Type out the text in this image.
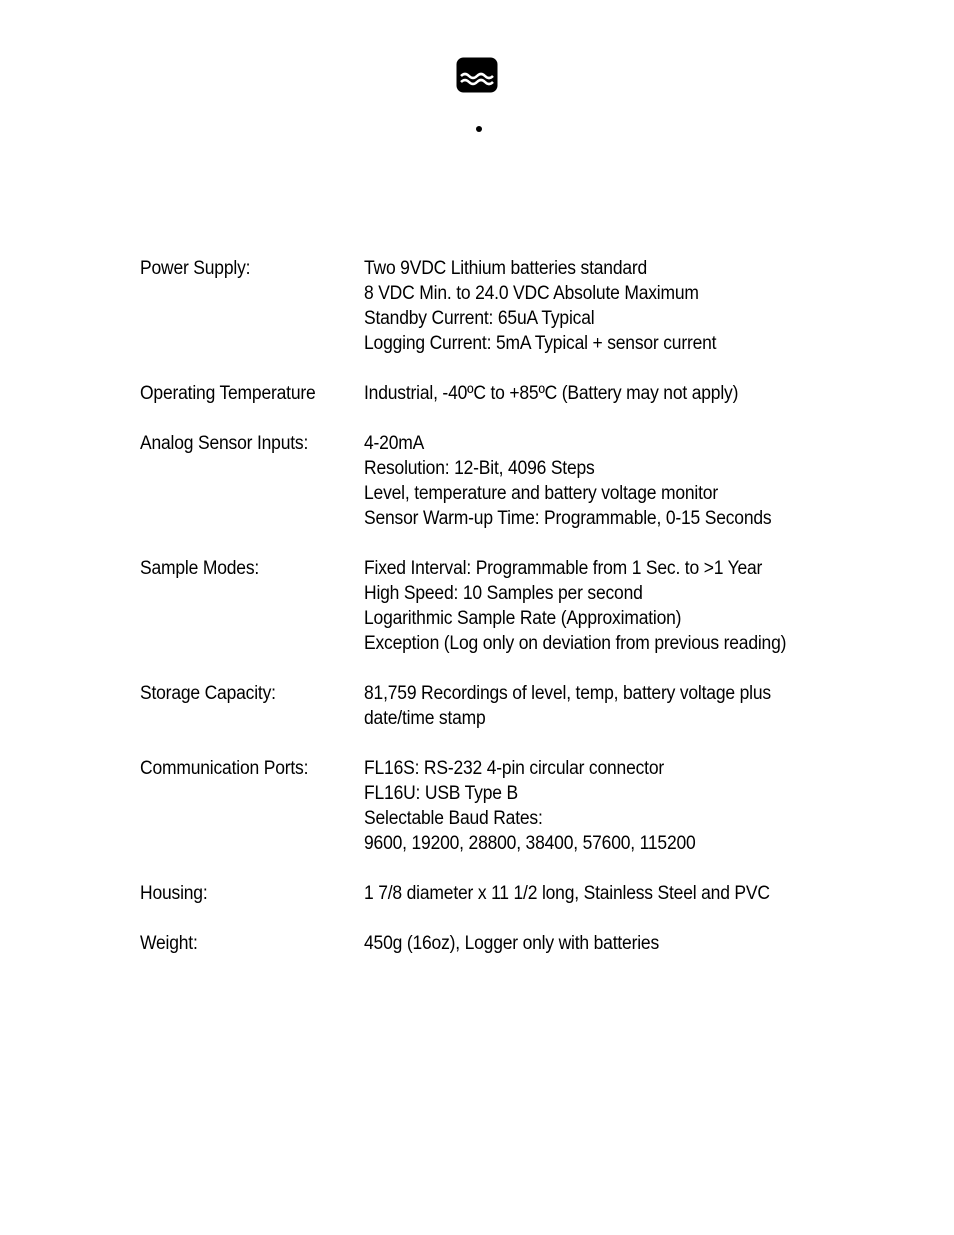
Power Supply:	Two 9VDC Lithium batteries standard
8 VDC Min. to 24.0 VDC Absolute Maximum
Standby Current: 65uA Typical
Logging Current: 5mA Typical + sensor current
Operating Temperature	Industrial, -40ºC to +85ºC (Battery may not apply)
Analog Sensor Inputs:	4-20mA
Resolution: 12-Bit, 4096 Steps
Level, temperature and battery voltage monitor
Sensor Warm-up Time: Programmable, 0-15 Seconds
Sample Modes:	Fixed Interval: Programmable from 1 Sec. to >1 Year
High Speed: 10 Samples per second
Logarithmic Sample Rate (Approximation)
Exception (Log only on deviation from previous reading)
Storage Capacity:	81,759 Recordings of level, temp, battery voltage plus
date/time stamp
Communication Ports:	FL16S: RS-232 4-pin circular connector
FL16U: USB Type B
Selectable Baud Rates:
9600, 19200, 28800, 38400, 57600, 115200
Housing:	1 7/8 diameter x 11 1/2 long, Stainless Steel and PVC
Weight:	450g (16oz), Logger only with batteries
